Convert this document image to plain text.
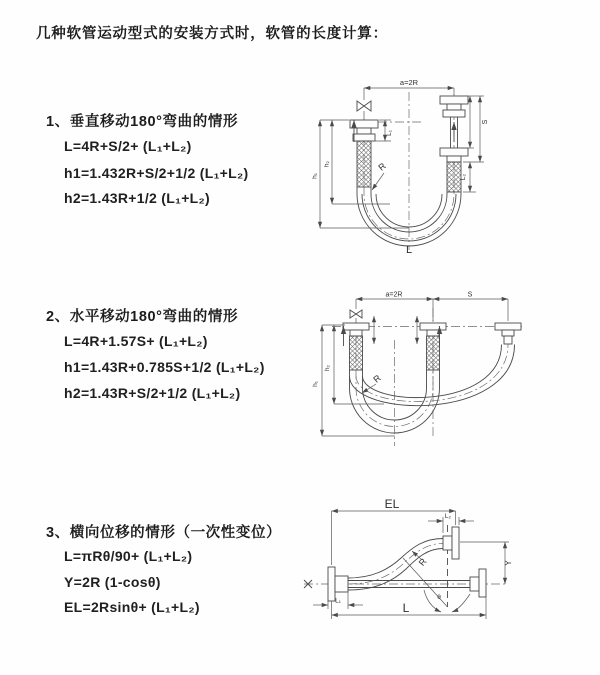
几种软管运动型式的安装方式时，软管的长度计算：
1、垂直移动180°弯曲的情形
L=4R+S/2+ (L₁+L₂)
h1=1.432R+S/2+1/2 (L₁+L₂)
h2=1.43R+1/2 (L₁+L₂)
a=2R
L₁
S
L₂
h₁
h₂	R
L
2、水平移动180°弯曲的情形
L=4R+1.57S+ (L₁+L₂)
h1=1.43R+0.785S+1/2 (L₁+L₂)
h2=1.43R+S/2+1/2 (L₁+L₂)
a=2R	S
h₁
h₂
R
3、横向位移的情形（一次性变位）
L=πRθ/90+ (L₁+L₂)
Y=2R (1-cosθ)
EL=2Rsinθ+ (L₁+L₂)
θ
R
EL
L₂
Y
L
L₁
